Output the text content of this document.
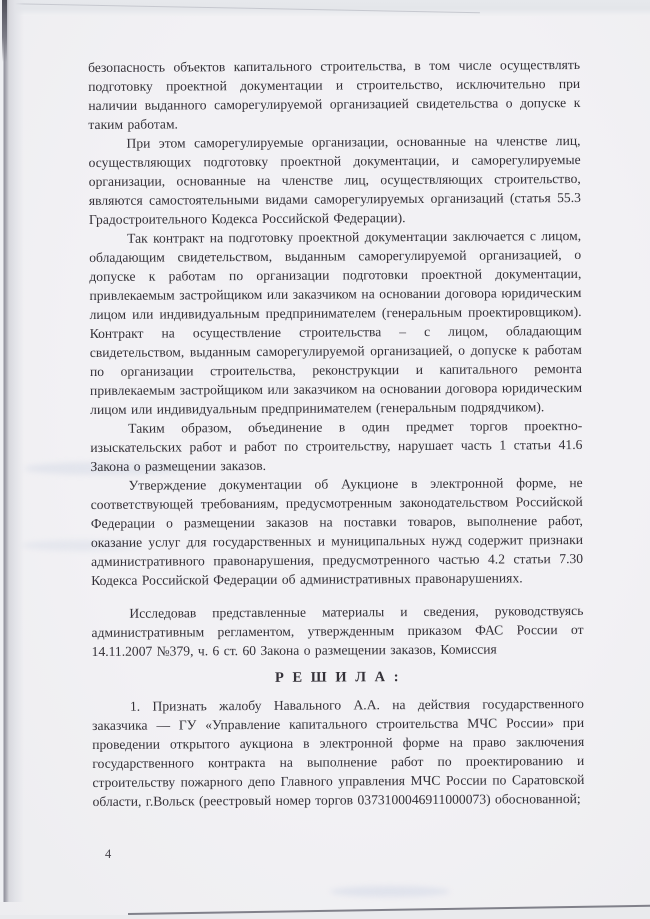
безопасность объектов капитального строительства, в том числе осуществлять подготовку проектной документации и строительство, исключительно при наличии выданного саморегулируемой организацией свидетельства о допуске к таким работам.

При этом саморегулируемые организации, основанные на членстве лиц, осуществляющих подготовку проектной документации, и саморегулируемые организации, основанные на членстве лиц, осуществляющих строительство, являются самостоятельными видами саморегулируемых организаций (статья 55.3 Градостроительного Кодекса Российской Федерации).

Так контракт на подготовку проектной документации заключается с лицом, обладающим свидетельством, выданным саморегулируемой организацией, о допуске к работам по организации подготовки проектной документации, привлекаемым застройщиком или заказчиком на основании договора юридическим лицом или индивидуальным предпринимателем (генеральным проектировщиком). Контракт на осуществление строительства – с лицом, обладающим свидетельством, выданным саморегулируемой организацией, о допуске к работам по организации строительства, реконструкции и капитального ремонта привлекаемым застройщиком или заказчиком на основании договора юридическим лицом или индивидуальным предпринимателем (генеральным подрядчиком).

Таким образом, объединение в один предмет торгов проектно-изыскательских работ и работ по строительству, нарушает часть 1 статьи 41.6 Закона о размещении заказов.

Утверждение документации об Аукционе в электронной форме, не соответствующей требованиям, предусмотренным законодательством Российской Федерации о размещении заказов на поставки товаров, выполнение работ, оказание услуг для государственных и муниципальных нужд содержит признаки административного правонарушения, предусмотренного частью 4.2 статьи 7.30 Кодекса Российской Федерации об административных правонарушениях.

Исследовав представленные материалы и сведения, руководствуясь административным регламентом, утвержденным приказом ФАС России от 14.11.2007 №379, ч. 6 ст. 60 Закона о размещении заказов, Комиссия

Р Е Ш И Л А :

1. Признать жалобу Навального А.А. на действия государственного заказчика — ГУ «Управление капитального строительства МЧС России» при проведении открытого аукциона в электронной форме на право заключения государственного контракта на выполнение работ по проектированию и строительству пожарного депо Главного управления МЧС России по Саратовской области, г.Вольск (реестровый номер торгов 0373100046911000073) обоснованной;

4
